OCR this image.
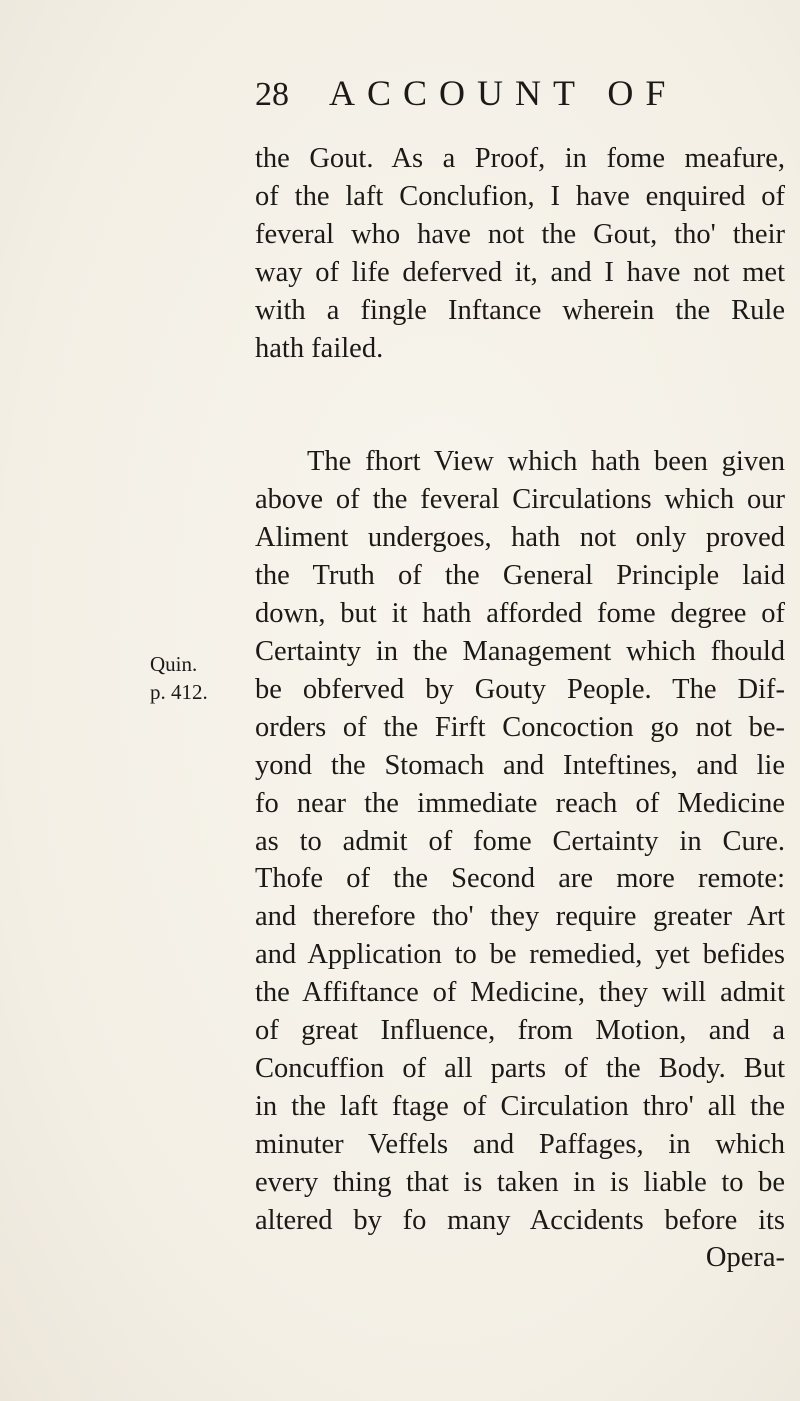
28 ACCOUNT OF
Quin.
p. 412.
the Gout. As a Proof, in fome meafure,
of the laft Conclufion, I have enquired of
feveral who have not the Gout, tho' their
way of life deferved it, and I have not met
with a fingle Inftance wherein the Rule
hath failed.
The fhort View which hath been given
above of the feveral Circulations which our
Aliment undergoes, hath not only proved
the Truth of the General Principle laid
down, but it hath afforded fome degree of
Certainty in the Management which fhould
be obferved by Gouty People. The Dif-
orders of the Firft Concoction go not be-
yond the Stomach and Inteftines, and lie
fo near the immediate reach of Medicine
as to admit of fome Certainty in Cure.
Thofe of the Second are more remote:
and therefore tho' they require greater Art
and Application to be remedied, yet befides
the Affiftance of Medicine, they will admit
of great Influence, from Motion, and a
Concuffion of all parts of the Body. But
in the laft ftage of Circulation thro' all the
minuter Veffels and Paffages, in which
every thing that is taken in is liable to be
altered by fo many Accidents before its
Opera-
